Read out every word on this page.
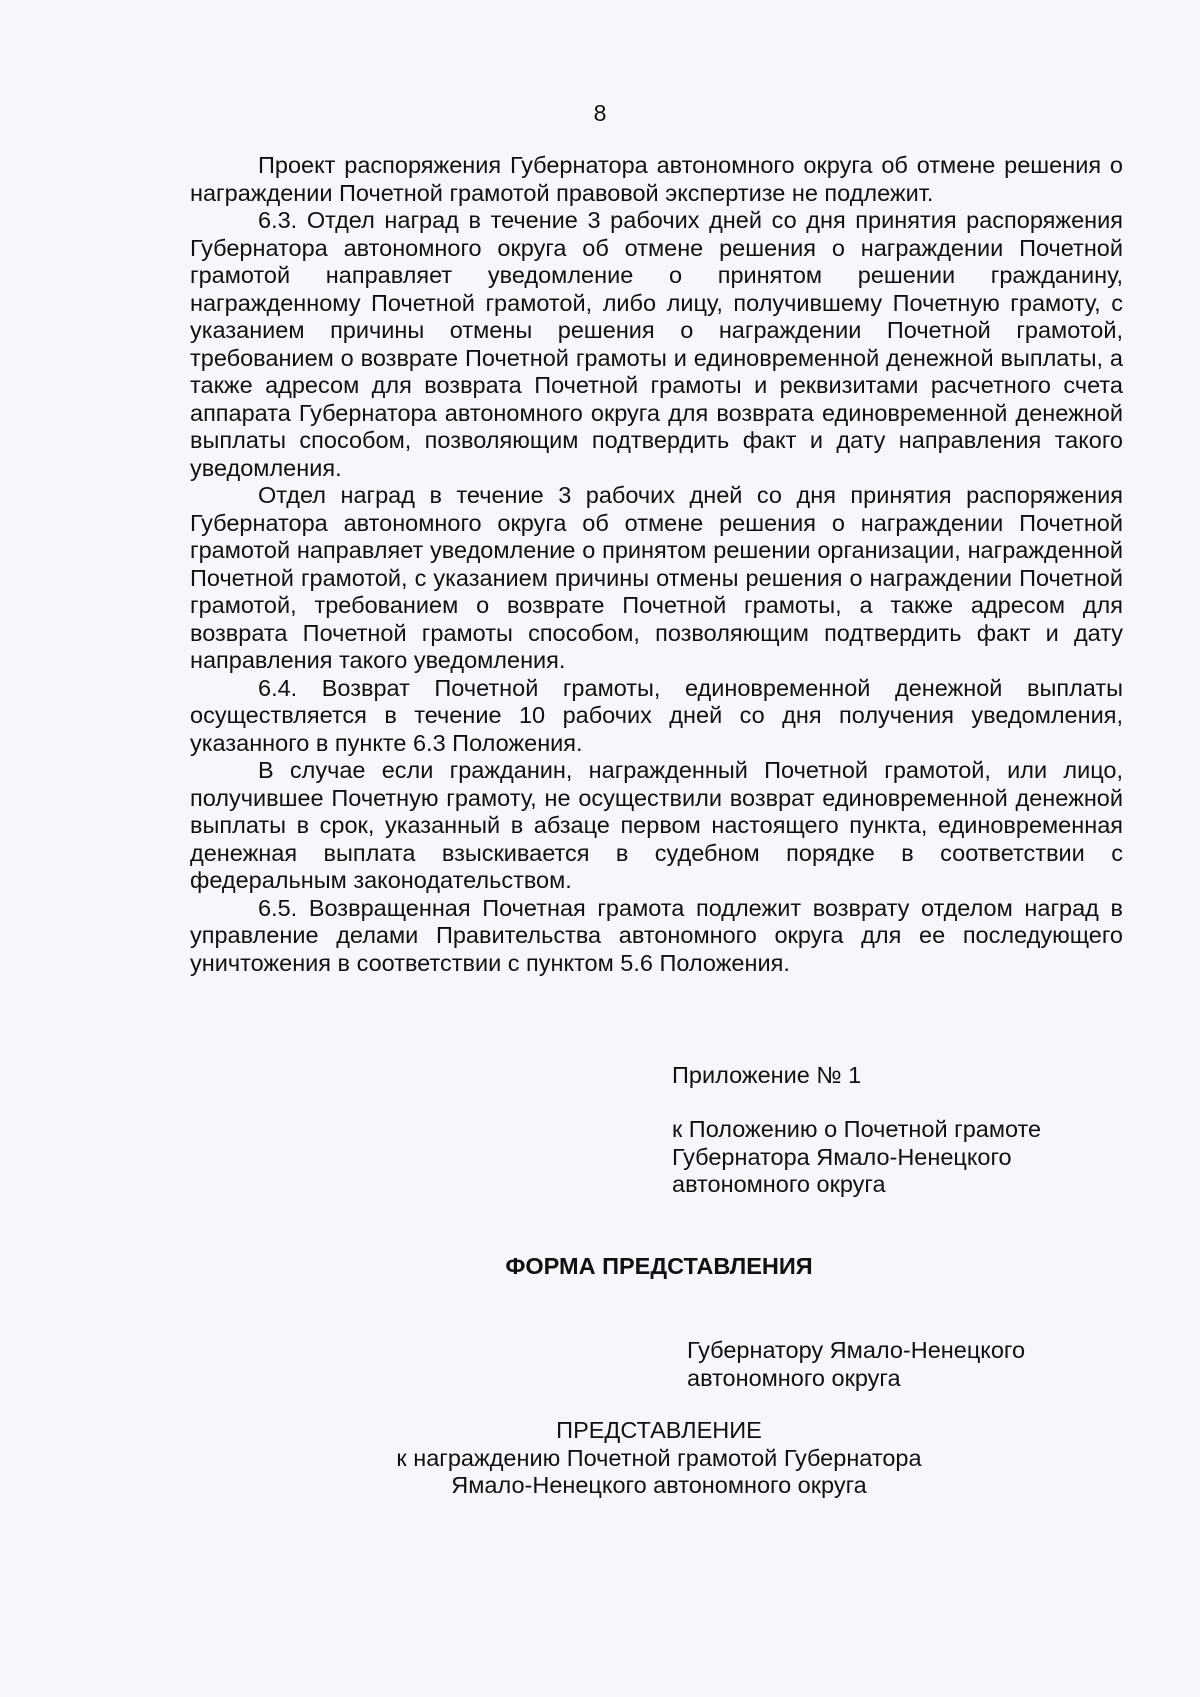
8

Проект распоряжения Губернатора автономного округа об отмене решения о награждении Почетной грамотой правовой экспертизе не подлежит.

6.3. Отдел наград в течение 3 рабочих дней со дня принятия распоряжения Губернатора автономного округа об отмене решения о награждении Почетной грамотой направляет уведомление о принятом решении гражданину, награжденному Почетной грамотой, либо лицу, получившему Почетную грамоту, с указанием причины отмены решения о награждении Почетной грамотой, требованием о возврате Почетной грамоты и единовременной денежной выплаты, а также адресом для возврата Почетной грамоты и реквизитами расчетного счета аппарата Губернатора автономного округа для возврата единовременной денежной выплаты способом, позволяющим подтвердить факт и дату направления такого уведомления.

Отдел наград в течение 3 рабочих дней со дня принятия распоряжения Губернатора автономного округа об отмене решения о награждении Почетной грамотой направляет уведомление о принятом решении организации, награжденной Почетной грамотой, с указанием причины отмены решения о награждении Почетной грамотой, требованием о возврате Почетной грамоты, а также адресом для возврата Почетной грамоты способом, позволяющим подтвердить факт и дату направления такого уведомления.

6.4. Возврат Почетной грамоты, единовременной денежной выплаты осуществляется в течение 10 рабочих дней со дня получения уведомления, указанного в пункте 6.3 Положения.

В случае если гражданин, награжденный Почетной грамотой, или лицо, получившее Почетную грамоту, не осуществили возврат единовременной денежной выплаты в срок, указанный в абзаце первом настоящего пункта, единовременная денежная выплата взыскивается в судебном порядке в соответствии с федеральным законодательством.

6.5. Возвращенная Почетная грамота подлежит возврату отделом наград в управление делами Правительства автономного округа для ее последующего уничтожения в соответствии с пунктом 5.6 Положения.

Приложение № 1
к Положению о Почетной грамоте
Губернатора Ямало-Ненецкого
автономного округа
ФОРМА ПРЕДСТАВЛЕНИЯ
Губернатору Ямало-Ненецкого
автономного округа
ПРЕДСТАВЛЕНИЕ
к награждению Почетной грамотой Губернатора
Ямало-Ненецкого автономного округа
